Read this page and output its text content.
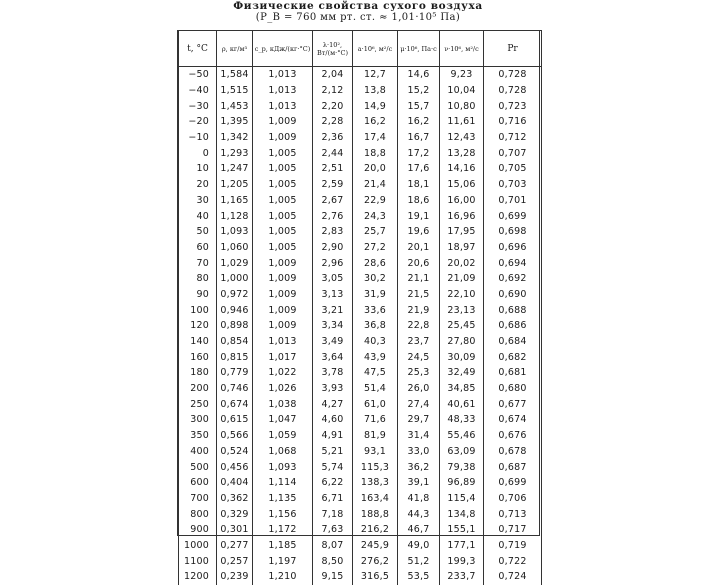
Физические свойства сухого воздуха
(P_B = 760 мм рт. ст. ≈ 1,01·10⁵ Па)
t, °C	ρ, кг/м³	c_p, кДж/(кг·°C)	λ·10², Вт/(м·°C)	a·10⁶, м²/с	μ·10⁶, Па·с	ν·10⁶, м²/с	Pr
−50	1,584	1,013	2,04	12,7	14,6	9,23	0,728
−40	1,515	1,013	2,12	13,8	15,2	10,04	0,728
−30	1,453	1,013	2,20	14,9	15,7	10,80	0,723
−20	1,395	1,009	2,28	16,2	16,2	11,61	0,716
−10	1,342	1,009	2,36	17,4	16,7	12,43	0,712
0	1,293	1,005	2,44	18,8	17,2	13,28	0,707
10	1,247	1,005	2,51	20,0	17,6	14,16	0,705
20	1,205	1,005	2,59	21,4	18,1	15,06	0,703
30	1,165	1,005	2,67	22,9	18,6	16,00	0,701
40	1,128	1,005	2,76	24,3	19,1	16,96	0,699
50	1,093	1,005	2,83	25,7	19,6	17,95	0,698
60	1,060	1,005	2,90	27,2	20,1	18,97	0,696
70	1,029	1,009	2,96	28,6	20,6	20,02	0,694
80	1,000	1,009	3,05	30,2	21,1	21,09	0,692
90	0,972	1,009	3,13	31,9	21,5	22,10	0,690
100	0,946	1,009	3,21	33,6	21,9	23,13	0,688
120	0,898	1,009	3,34	36,8	22,8	25,45	0,686
140	0,854	1,013	3,49	40,3	23,7	27,80	0,684
160	0,815	1,017	3,64	43,9	24,5	30,09	0,682
180	0,779	1,022	3,78	47,5	25,3	32,49	0,681
200	0,746	1,026	3,93	51,4	26,0	34,85	0,680
250	0,674	1,038	4,27	61,0	27,4	40,61	0,677
300	0,615	1,047	4,60	71,6	29,7	48,33	0,674
350	0,566	1,059	4,91	81,9	31,4	55,46	0,676
400	0,524	1,068	5,21	93,1	33,0	63,09	0,678
500	0,456	1,093	5,74	115,3	36,2	79,38	0,687
600	0,404	1,114	6,22	138,3	39,1	96,89	0,699
700	0,362	1,135	6,71	163,4	41,8	115,4	0,706
800	0,329	1,156	7,18	188,8	44,3	134,8	0,713
900	0,301	1,172	7,63	216,2	46,7	155,1	0,717
1000	0,277	1,185	8,07	245,9	49,0	177,1	0,719
1100	0,257	1,197	8,50	276,2	51,2	199,3	0,722
1200	0,239	1,210	9,15	316,5	53,5	233,7	0,724
